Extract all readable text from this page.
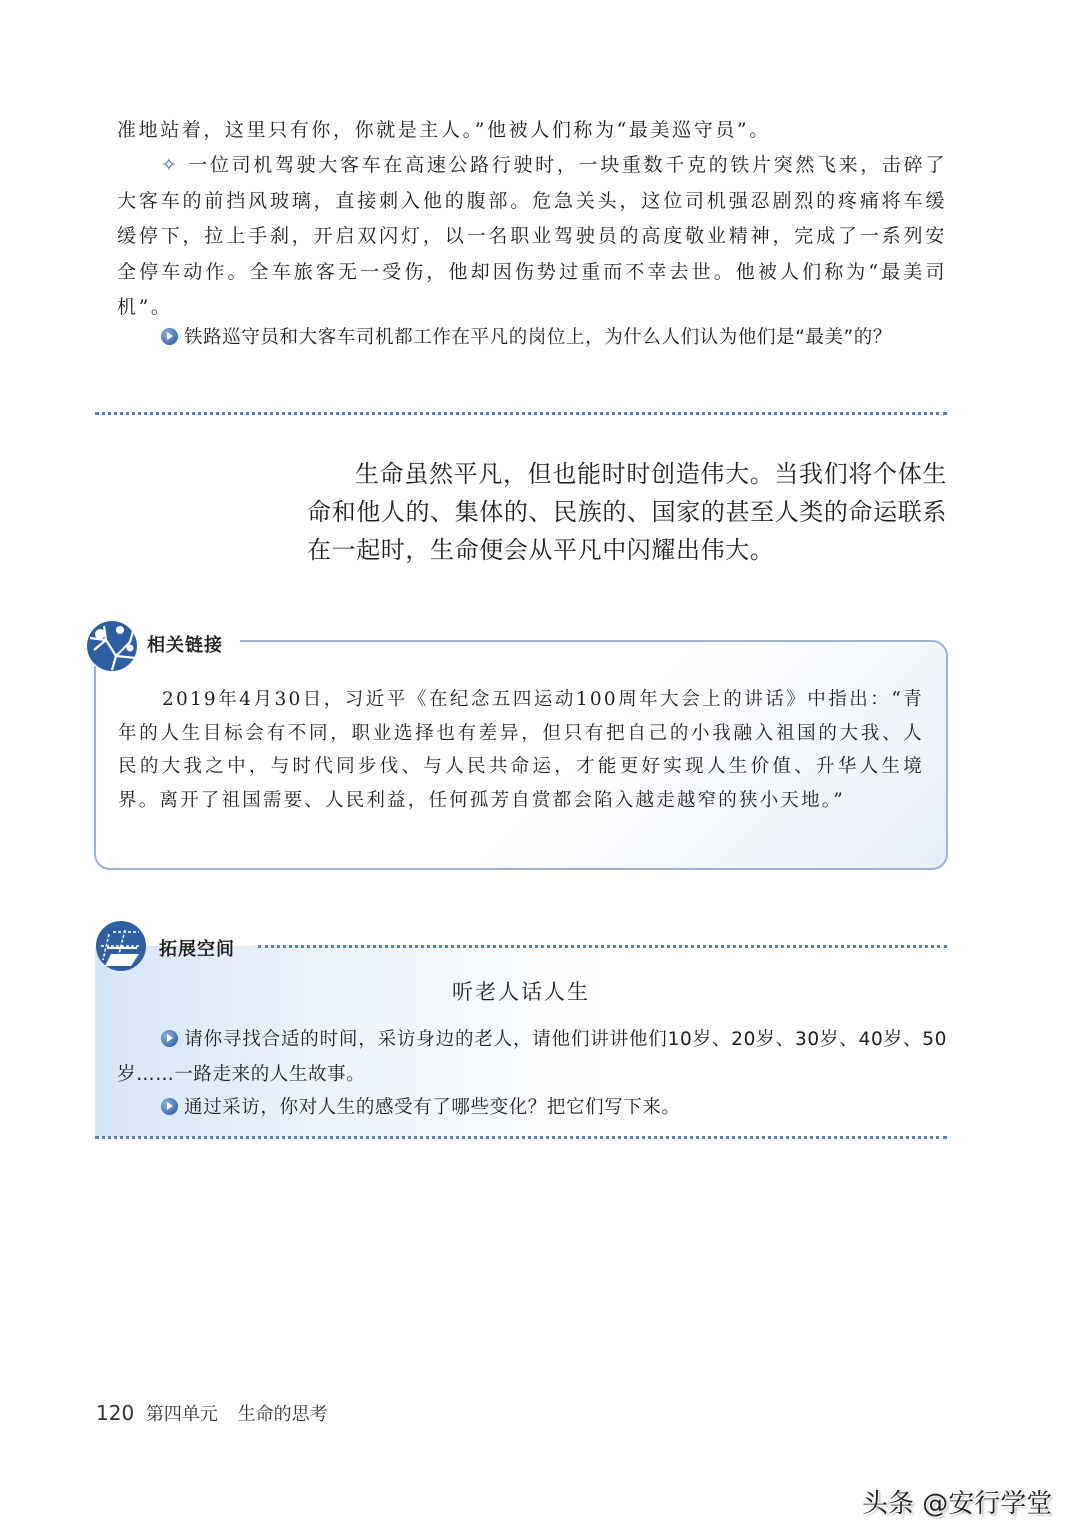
准地站着，这里只有你，你就是主人。”他被人们称为“最美巡守员”。
✧ 一位司机驾驶大客车在高速公路行驶时，一块重数千克的铁片突然飞来，击碎了大客车的前挡风玻璃，直接刺入他的腹部。危急关头，这位司机强忍剧烈的疼痛将车缓缓停下，拉上手刹，开启双闪灯，以一名职业驾驶员的高度敬业精神，完成了一系列安全停车动作。全车旅客无一受伤，他却因伤势过重而不幸去世。他被人们称为“最美司机”。
铁路巡守员和大客车司机都工作在平凡的岗位上，为什么人们认为他们是“最美”的？
生命虽然平凡，但也能时时创造伟大。当我们将个体生命和他人的、集体的、民族的、国家的甚至人类的命运联系在一起时，生命便会从平凡中闪耀出伟大。
相关链接
2019年4月30日，习近平《在纪念五四运动100周年大会上的讲话》中指出：“青年的人生目标会有不同，职业选择也有差异，但只有把自己的小我融入祖国的大我、人民的大我之中，与时代同步伐、与人民共命运，才能更好实现人生价值、升华人生境界。离开了祖国需要、人民利益，任何孤芳自赏都会陷入越走越窄的狭小天地。”
拓展空间
听老人话人生
请你寻找合适的时间，采访身边的老人，请他们讲讲他们10岁、20岁、30岁、40岁、50岁……一路走来的人生故事。
通过采访，你对人生的感受有了哪些变化？把它们写下来。
120 第四单元 生命的思考
头条 @安行学堂
